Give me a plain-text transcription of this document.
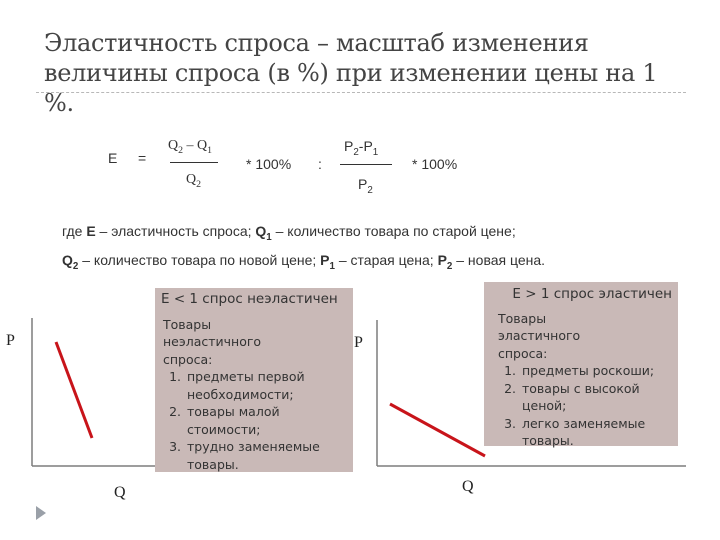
Эластичность спроса – масштаб изменения величины спроса (в %) при изменении цены на 1 %.
E =
$Q_2 - Q_1$
$Q_2$
* 100% :
$P_2-P_1$
$P_2$
* 100%
где E – эластичность спроса; $Q_1$ – количество товара по старой цене;
$Q_2$ – количество товара по новой цене; $P_1$ – старая цена; $P_2$ – новая цена.
P
Q
P
Q
E < 1 спрос неэластичен
Товары неэластичного спроса:
1. предметы первой необходимости;
2. товары малой стоимости;
3. трудно заменяемые товары.
E > 1 спрос эластичен
Товары эластичного спроса:
1. предметы роскоши;
2. товары с высокой ценой;
3. легко заменяемые товары.
